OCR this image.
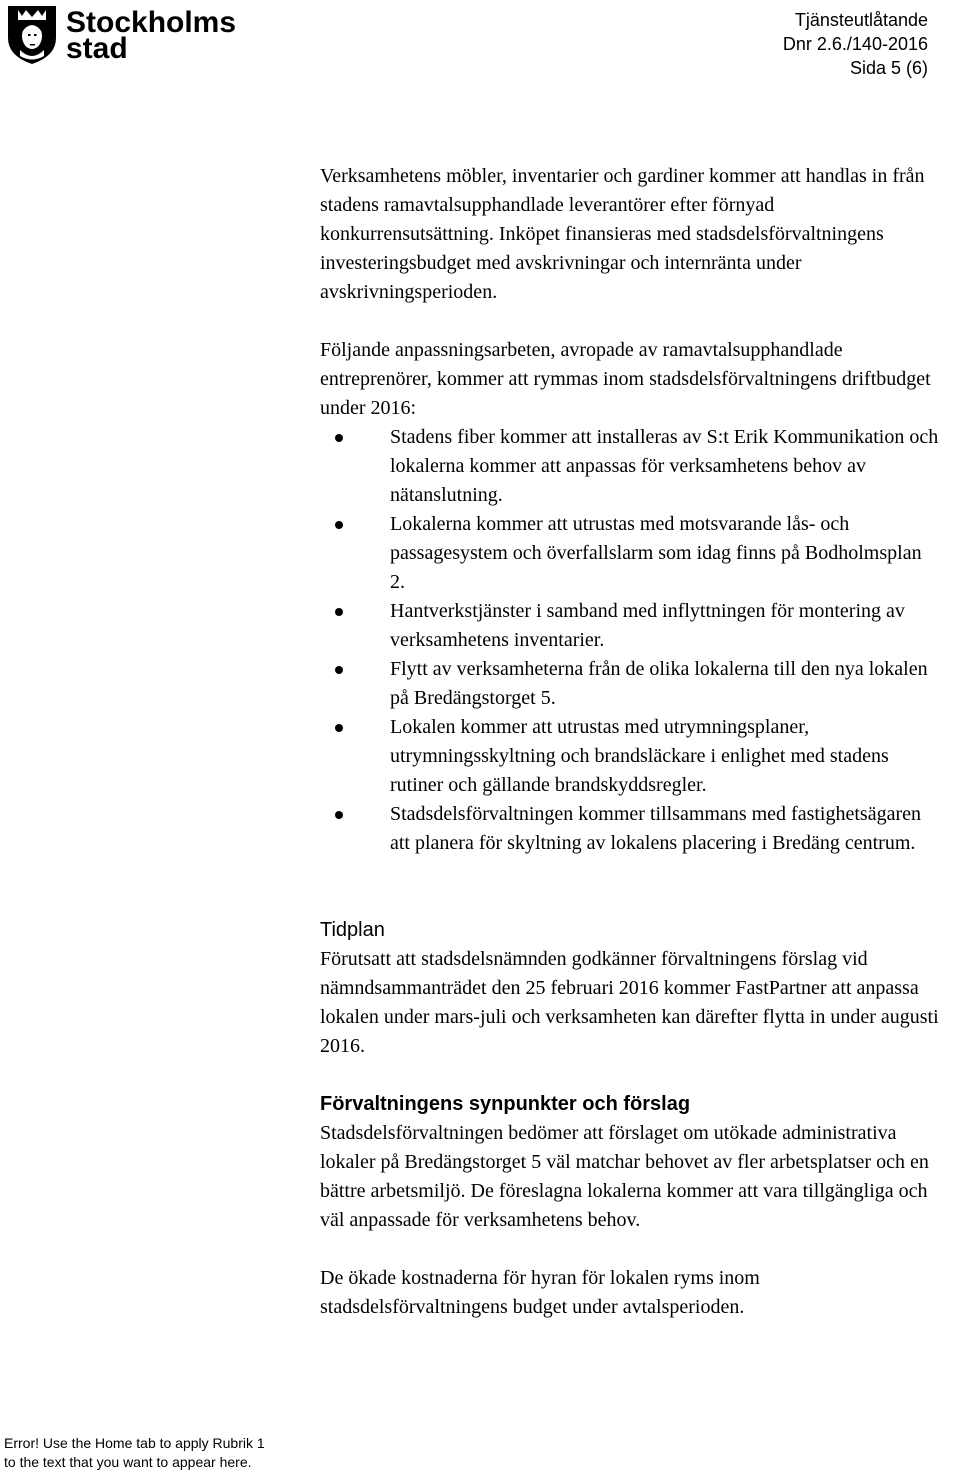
Stockholms
stad
Tjänsteutlåtande
Dnr 2.6./140-2016
Sida 5 (6)

Verksamhetens möbler, inventarier och gardiner kommer att handlas in från stadens ramavtalsupphandlade leverantörer efter förnyad konkurrensutsättning. Inköpet finansieras med stadsdelsförvaltningens investeringsbudget med avskrivningar och internränta under avskrivningsperioden.

Följande anpassningsarbeten, avropade av ramavtalsupphandlade entreprenörer, kommer att rymmas inom stadsdelsförvaltningens driftbudget under 2016:

Stadens fiber kommer att installeras av S:t Erik Kommunikation och lokalerna kommer att anpassas för verksamhetens behov av nätanslutning.
Lokalerna kommer att utrustas med motsvarande lås- och passagesystem och överfallslarm som idag finns på Bodholmsplan 2.
Hantverkstjänster i samband med inflyttningen för montering av verksamhetens inventarier.
Flytt av verksamheterna från de olika lokalerna till den nya lokalen på Bredängstorget 5.
Lokalen kommer att utrustas med utrymningsplaner, utrymningsskyltning och brandsläckare i enlighet med stadens rutiner och gällande brandskyddsregler.
Stadsdelsförvaltningen kommer tillsammans med fastighetsägaren att planera för skyltning av lokalens placering i Bredäng centrum.
Tidplan

Förutsatt att stadsdelsnämnden godkänner förvaltningens förslag vid nämndsammanträdet den 25 februari 2016 kommer FastPartner att anpassa lokalen under mars-juli och verksamheten kan därefter flytta in under augusti 2016.

Förvaltningens synpunkter och förslag

Stadsdelsförvaltningen bedömer att förslaget om utökade administrativa lokaler på Bredängstorget 5 väl matchar behovet av fler arbetsplatser och en bättre arbetsmiljö. De föreslagna lokalerna kommer att vara tillgängliga och väl anpassade för verksamhetens behov.

De ökade kostnaderna för hyran för lokalen ryms inom stadsdelsförvaltningens budget under avtalsperioden.

Error! Use the Home tab to apply Rubrik 1
to the text that you want to appear here.
